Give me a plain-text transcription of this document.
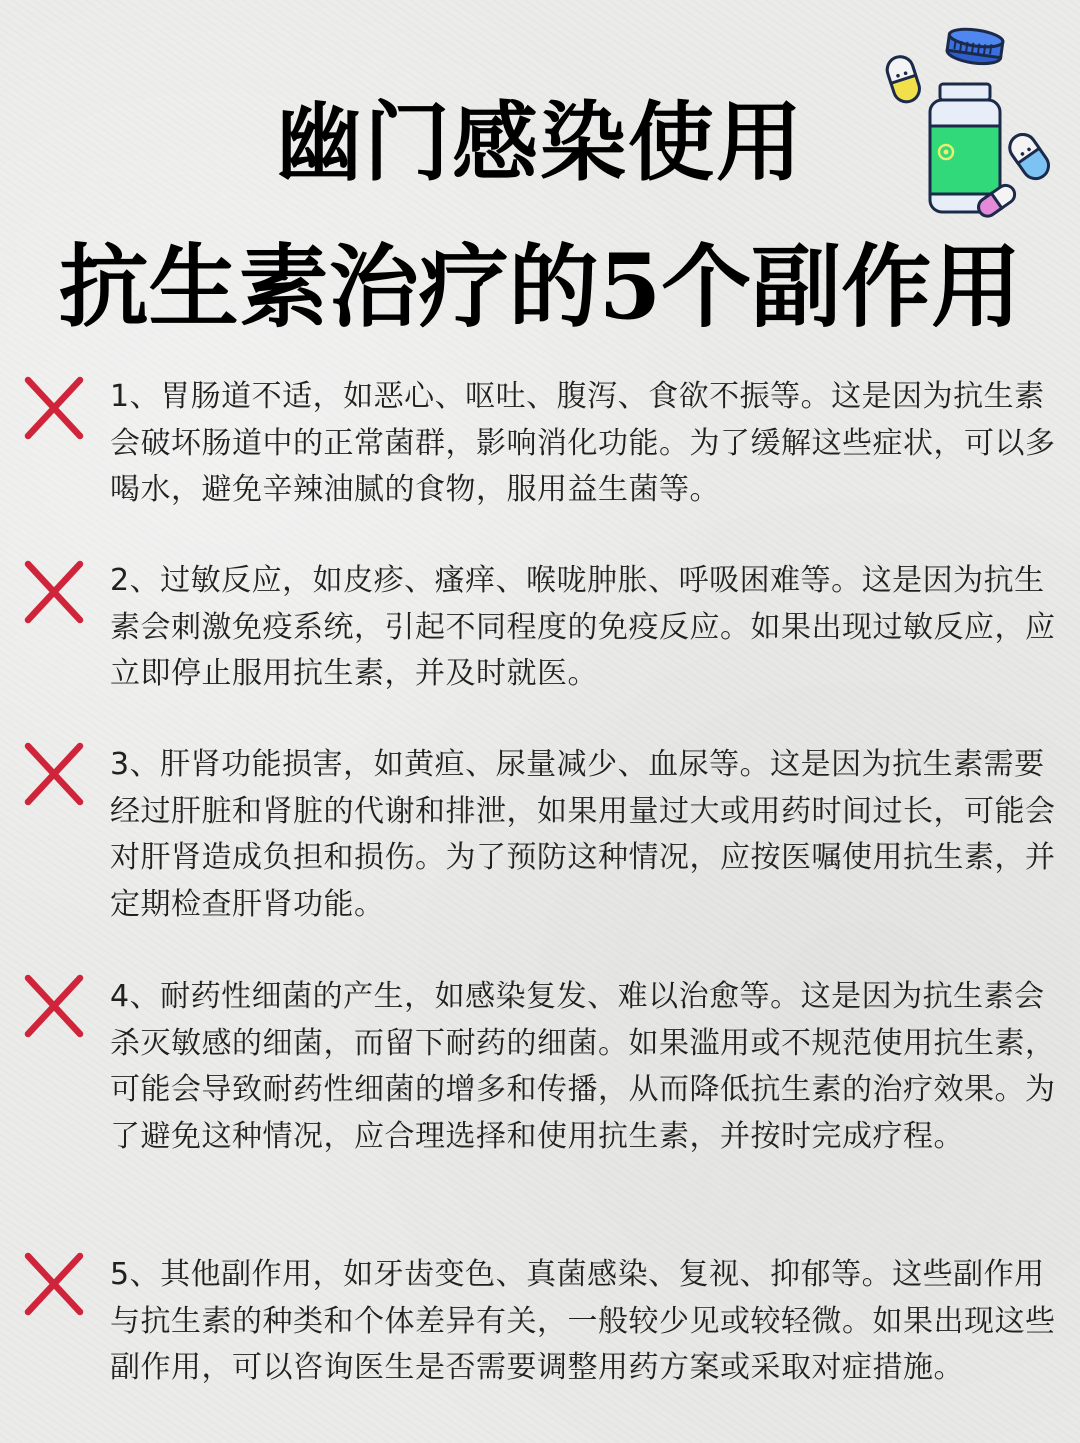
幽门感染使用
抗生素治疗的5个副作用
1、胃肠道不适，如恶心、呕吐、腹泻、食欲不振等。这是因为抗生素会破坏肠道中的正常菌群，影响消化功能。为了缓解这些症状，可以多喝水，避免辛辣油腻的食物，服用益生菌等。
2、过敏反应，如皮疹、瘙痒、喉咙肿胀、呼吸困难等。这是因为抗生素会刺激免疫系统，引起不同程度的免疫反应。如果出现过敏反应，应立即停止服用抗生素，并及时就医。
3、肝肾功能损害，如黄疸、尿量减少、血尿等。这是因为抗生素需要经过肝脏和肾脏的代谢和排泄，如果用量过大或用药时间过长，可能会对肝肾造成负担和损伤。为了预防这种情况，应按医嘱使用抗生素，并定期检查肝肾功能。
4、耐药性细菌的产生，如感染复发、难以治愈等。这是因为抗生素会杀灭敏感的细菌，而留下耐药的细菌。如果滥用或不规范使用抗生素，可能会导致耐药性细菌的增多和传播，从而降低抗生素的治疗效果。为了避免这种情况，应合理选择和使用抗生素，并按时完成疗程。
5、其他副作用，如牙齿变色、真菌感染、复视、抑郁等。这些副作用与抗生素的种类和个体差异有关，一般较少见或较轻微。如果出现这些副作用，可以咨询医生是否需要调整用药方案或采取对症措施。
